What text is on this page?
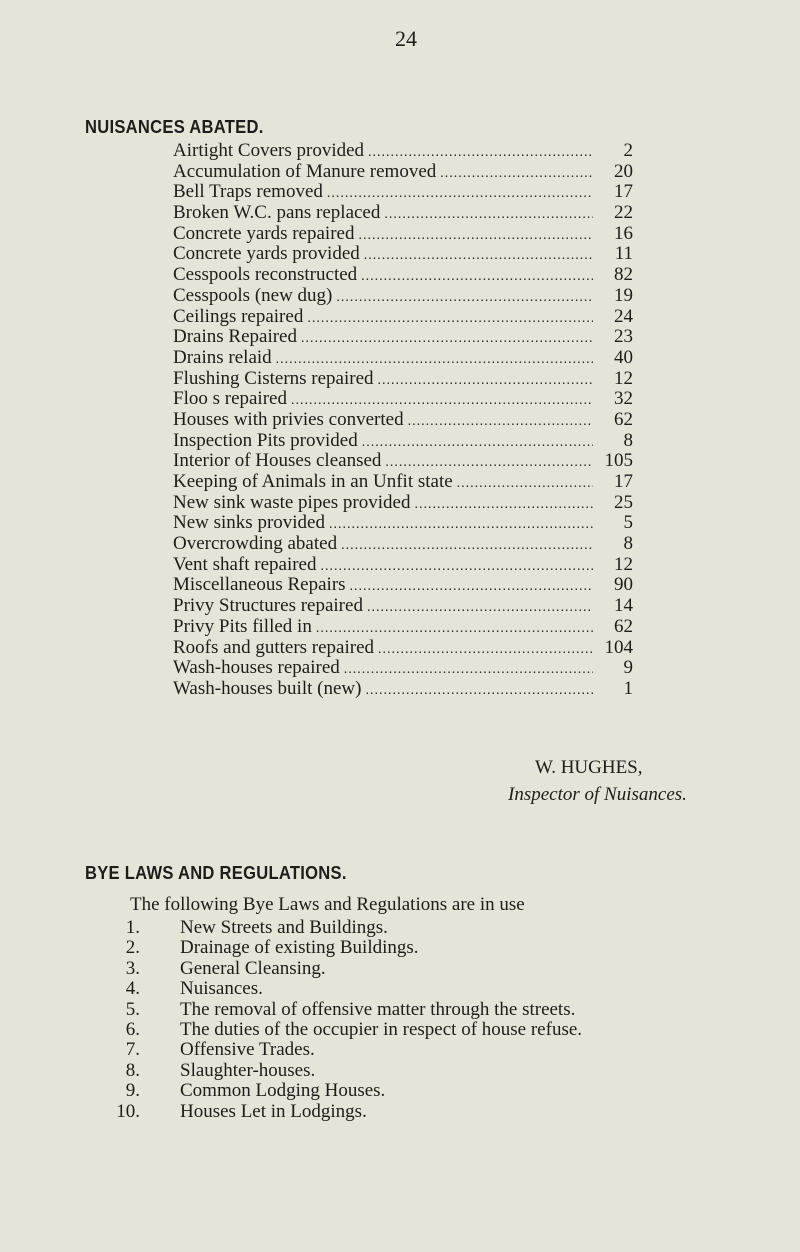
24
NUISANCES ABATED.
Airtight Covers provided .....	2
Accumulation of Manure removed .....	20
Bell Traps removed .....	17
Broken W.C. pans replaced .....	22
Concrete yards repaired .....	16
Concrete yards provided .....	11
Cesspools reconstructed .....	82
Cesspools (new dug) .....	19
Ceilings repaired .....	24
Drains Repaired .....	23
Drains relaid .....	40
Flushing Cisterns repaired .....	12
Floo s repaired .....	32
Houses with privies converted .....	62
Inspection Pits provided .....	8
Interior of Houses cleansed .....	105
Keeping of Animals in an Unfit state .....	17
New sink waste pipes provided .....	25
New sinks provided .....	5
Overcrowding abated .....	8
Vent shaft repaired .....	12
Miscellaneous Repairs .....	90
Privy Structures repaired .....	14
Privy Pits filled in .....	62
Roofs and gutters repaired .....	104
Wash-houses repaired .....	9
Wash-houses built (new) .....	1
W. HUGHES,
Inspector of Nuisances.
BYE LAWS AND REGULATIONS.
The following Bye Laws and Regulations are in use
1.	New Streets and Buildings.
2.	Drainage of existing Buildings.
3.	General Cleansing.
4.	Nuisances.
5.	The removal of offensive matter through the streets.
6.	The duties of the occupier in respect of house refuse.
7.	Offensive Trades.
8.	Slaughter-houses.
9.	Common Lodging Houses.
10.	Houses Let in Lodgings.
